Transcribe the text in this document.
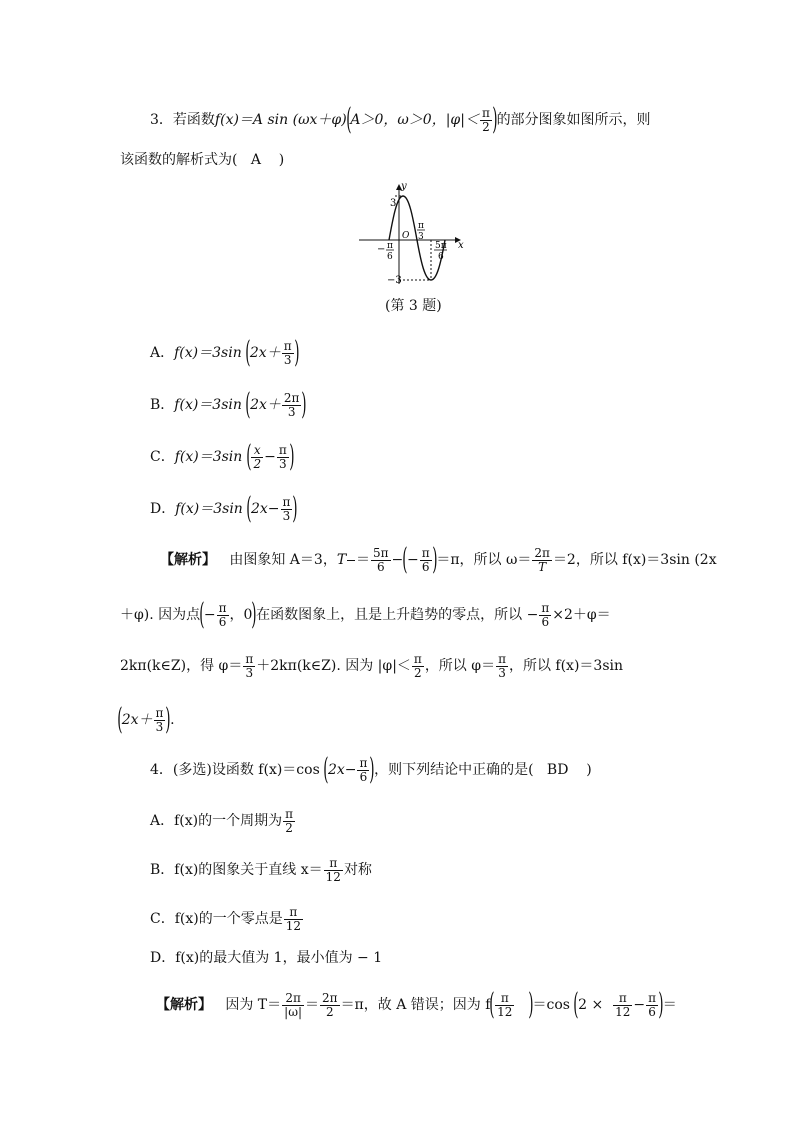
3．若函数f(x)＝A sin (ωx＋φ)(A＞0，ω＞0，$|\varphi|< \frac{\pi}{2}$ )的部分图象如图所示，则
该函数的解析式为( A )
y
x
O
3
−3
− π
6
π
3
5π
6
(第 3 题)
A．f(x)＝3sin ($2x+ \frac{\pi}{3}$ )
B．f(x)＝3sin ($2x+ \frac{2\pi}{3}$ )
C．f(x)＝3sin ( $\frac{x}{2} - \frac{\pi}{3}$ )
D．f(x)＝3sin ($2x- \frac{\pi}{3}$ )
【解析】 由图象知 A＝3，T

＝ $\frac{5\pi}{6}$ −(− $\frac{\pi}{6} )=\pi$，所以 $\omega= \frac{2\pi}{T} =2$，所以 f(x)＝3sin (2x
＋φ). 因为点(− $\frac{\pi}{6}$ ，0)在函数图象上，且是上升趋势的零点，所以 − $\frac{\pi}{6} \times 2+\varphi=$
2kπ(k∈Z)，得 $\varphi= \frac{\pi}{3}$ ＋2kπ(k∈Z). 因为 $|\varphi|< \frac{\pi}{2}$ ，所以 $\varphi= \frac{\pi}{3}$ ，所以 f(x)＝3sin
($2x+ \frac{\pi}{3}$ ).
4．(多选)设函数 f(x)＝cos ($2x- \frac{\pi}{6}$ )，则下列结论中正确的是( BD )
A．f(x)的一个周期为 $\frac{\pi}{2}$
B．f(x)的图象关于直线 $x= \frac{\pi}{12}$ 对称
C．f(x)的一个零点是 $\frac{\pi}{12}$
D．f(x)的最大值为 1，最小值为 − 1
【解析】 因为 $T= \frac{2\pi}{|\omega|} = \frac{2\pi}{2} =\pi$，故 A 错误；因为 $f( \frac{\pi}{12} )=\cos$ ($2 \times \frac{\pi}{12} - \frac{\pi}{6}$ )＝
